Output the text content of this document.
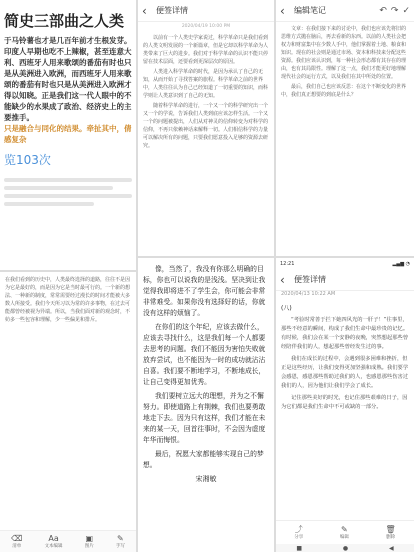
简史三部曲之人类
于马铃薯也才是几百年前才生根发芽。印度人早期也吃不上辣椒，甚至连意大利、西班牙人用来歌颂的番茄有时也只是从美洲进入欧洲，而西班牙人用来歌颂的番茄有时也只是从美洲进入欧洲才得以知晓。正是我们这一代人眼中的不能缺少的水果成了政治、经济史上的主要推手。
只是融合与同化的结果。牵扯其中，倩感复杂
览103次
‹	便签详情
2020/04/19 10:00 PM

以前有一个人类史学家说过，科学革命只是我们看到的人类文明发展的一个新篇章，但是它却以科学革命为人类带来了巨大的进步。我们对于科学革命的认识不能只停留在技术层面，还要看到更深层次的原因。

人类进入科学革命的时代，是因为承认了自己的无知，从而开始了寻找答案的旅程。科学革命之前的世界中，人类往往认为自己已经知道了一切重要的知识，而科学则让人类意识到了自己的无知。

随着科学革命的进行，一个又一个的科学研究出一个又一个的学说，告诉我们人类到底应该怎样生活。一个又一个的问题被提出，人们从对神灵的信仰转变为对科学的信仰，不再只依赖神话来解释一切。人们相信科学的力量可以解决所有的问题，只要我们愿意投入足够的资源去研究。

‹	编辑笔记	↶ ↷ ✓

文章：在我们接下来的讨论中，我们也应该先将旧的思维方式抛在脑后，再去看新的东西。以前的人类社会把权力和财富集中在少数人手中，他们掌握着土地、粮食和知识。现在的社会则是通过市场、资本和科技来分配这些资源。我们应该认识到，每一种社会形态都有其存在的理由，也有其局限性。理解了这一点，我们才能更好地理解现代社会的运行方式，以及我们在其中所处的位置。

最后，我们自己也应该反思：在这个不断变化的世界中，我们真正想要的到底是什么？

在我们看到的历史中，人类最终选择的道路，往往不是因为它是最好的，而是因为它是当时最可行的。一个新的想法、一种新的制度，常常需要经过漫长的时间才能被大多数人所接受。我们今天所习以为常的许多事物，在过去可能都曾经被视为异端。所以，当我们面对新的观念时，不妨多一些包容和理解，少一些偏见和排斥。
⌫
清单
Aa
文本编辑
▣
图片
✎
手写

像，当然了，我没有你那么明确的目标，你也可以说我的是浅浅。坚决到让我觉得我即将进不了学生会，你可能会非常非常难受。如果你没有选择好的话，你就没有这样的烦恼了。

在你们的这个年纪，应该去做什么，应该去寻找什么，这是我们每一个人都要去思考的问题。我们不能因为害怕失败就放弃尝试，也不能因为一时的成功就沾沾自喜。我们要不断地学习，不断地成长，让自己变得更加优秀。

我们要树立远大的理想，并为之不懈努力。即使道路上有荆棘，我们也要勇敢地走下去。因为只有这样，我们才能在未来的某一天，回首往事时，不会因为虚度年华而悔恨。

最后，祝愿大家都能够实现自己的梦想。

宋湘敏
12:21	▂▄▆ ◔
‹	便签详情
2020/04/13 10:22 AM
(八)

“考验时常善于拦下她四风光的一肝子！”往事里，那些不经意的瞬间，构成了我们生命中最珍贵的记忆。有时候，我们会在某一个安静的夜晚，突然想起那些曾经陪伴我们的人，想起那些曾经发生过的事。

我们在成长的过程中，会遇到很多困难和挫折，但正是这些经历，让我们变得更加坚强和成熟。我们要学会感恩，感恩那些帮助过我们的人，也感恩那些伤害过我们的人，因为他们让我们学会了成长。

记住那些美好的时光，也记住那些艰难的日子，因为它们都是我们生命中不可或缺的一部分。

⤴
分享
✎
编辑
🗑
删除
■	●	◀
